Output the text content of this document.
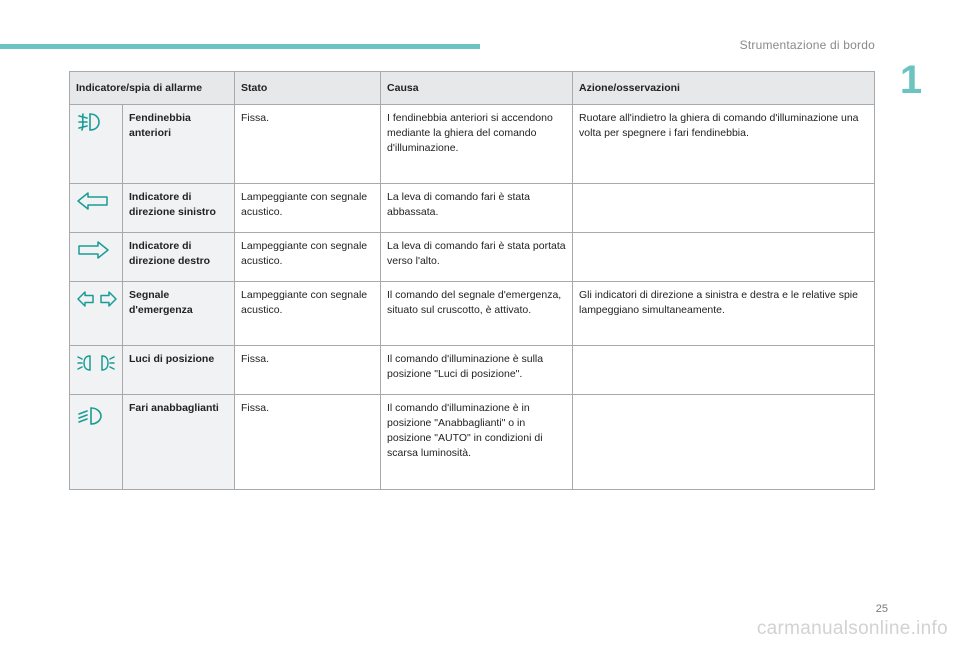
Strumentazione di bordo
1
Indicatore/spia di allarme		Stato	Causa	Azione/osservazioni
	Fendinebbia anteriori	Fissa.	I fendinebbia anteriori si accendono mediante la ghiera del comando d'illuminazione.	Ruotare all'indietro la ghiera di comando d'illuminazione una volta per spegnere i fari fendinebbia.
	Indicatore di direzione sinistro	Lampeggiante con segnale acustico.	La leva di comando fari è stata abbassata.	
	Indicatore di direzione destro	Lampeggiante con segnale acustico.	La leva di comando fari è stata portata verso l'alto.	
	Segnale d'emergenza	Lampeggiante con segnale acustico.	Il comando del segnale d'emergenza, situato sul cruscotto, è attivato.	Gli indicatori di direzione a sinistra e destra e le relative spie lampeggiano simultaneamente.
	Luci di posizione	Fissa.	Il comando d'illuminazione è sulla posizione "Luci di posizione".	
	Fari anabbaglianti	Fissa.	Il comando d'illuminazione è in posizione "Anabbaglianti" o in posizione "AUTO" in condizioni di scarsa luminosità.	
25
carmanualsonline.info
